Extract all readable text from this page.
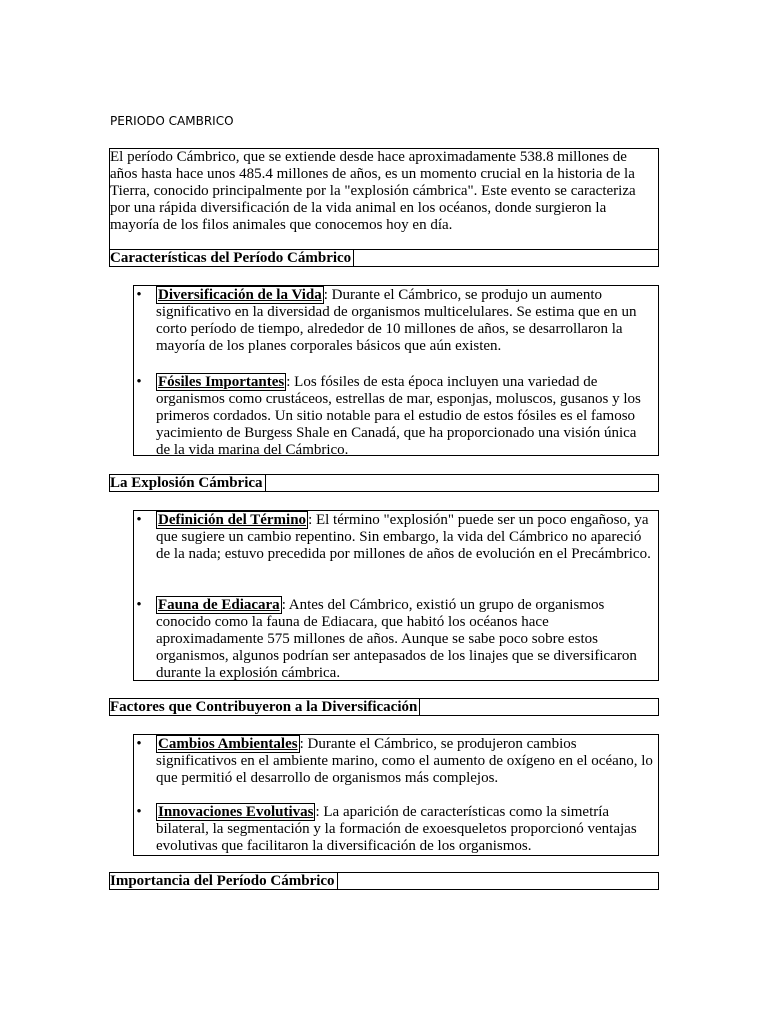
PERIODO CAMBRICO
El período Cámbrico, que se extiende desde hace aproximadamente 538.8 millones de años hasta hace unos 485.4 millones de años, es un momento crucial en la historia de la Tierra, conocido principalmente por la "explosión cámbrica". Este evento se caracteriza por una rápida diversificación de la vida animal en los océanos, donde surgieron la mayoría de los filos animales que conocemos hoy en día.
Características del Período Cámbrico
• Diversificación de la Vida : Durante el Cámbrico, se produjo un aumento significativo en la diversidad de organismos multicelulares. Se estima que en un corto período de tiempo, alrededor de 10 millones de años, se desarrollaron la mayoría de los planes corporales básicos que aún existen.
• Fósiles Importantes : Los fósiles de esta época incluyen una variedad de organismos como crustáceos, estrellas de mar, esponjas, moluscos, gusanos y los primeros cordados. Un sitio notable para el estudio de estos fósiles es el famoso yacimiento de Burgess Shale en Canadá, que ha proporcionado una visión única de la vida marina del Cámbrico.
La Explosión Cámbrica
• Definición del Término : El término "explosión" puede ser un poco engañoso, ya que sugiere un cambio repentino. Sin embargo, la vida del Cámbrico no apareció de la nada; estuvo precedida por millones de años de evolución en el Precámbrico.
• Fauna de Ediacara : Antes del Cámbrico, existió un grupo de organismos conocido como la fauna de Ediacara, que habitó los océanos hace aproximadamente 575 millones de años. Aunque se sabe poco sobre estos organismos, algunos podrían ser antepasados de los linajes que se diversificaron durante la explosión cámbrica.
Factores que Contribuyeron a la Diversificación
• Cambios Ambientales : Durante el Cámbrico, se produjeron cambios significativos en el ambiente marino, como el aumento de oxígeno en el océano, lo que permitió el desarrollo de organismos más complejos.
• Innovaciones Evolutivas : La aparición de características como la simetría bilateral, la segmentación y la formación de exoesqueletos proporcionó ventajas evolutivas que facilitaron la diversificación de los organismos.
Importancia del Período Cámbrico
